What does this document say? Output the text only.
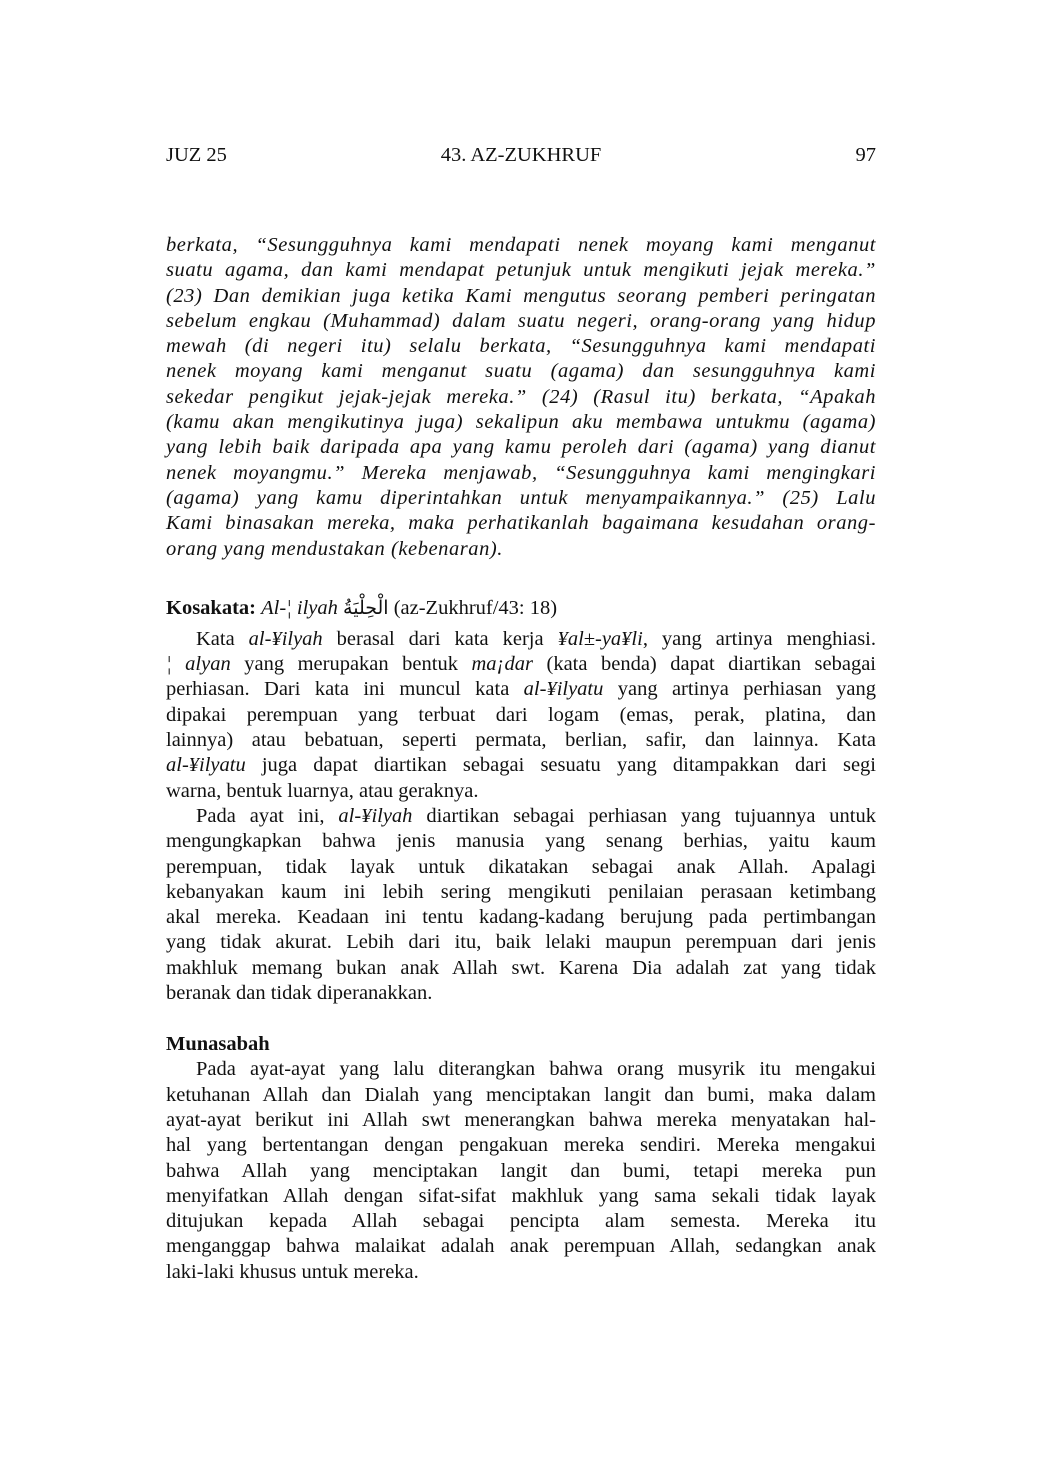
JUZ 25	43. AZ-ZUKHRUF	97

berkata, “Sesungguhnya kami mendapati nenek moyang kami menganut

suatu agama, dan kami mendapat petunjuk untuk mengikuti jejak mereka.”

(23) Dan demikian juga ketika Kami mengutus seorang pemberi peringatan

sebelum engkau (Muhammad) dalam suatu negeri, orang-orang yang hidup

mewah (di negeri itu) selalu berkata, “Sesungguhnya kami mendapati

nenek moyang kami menganut suatu (agama) dan sesungguhnya kami

sekedar pengikut jejak-jejak mereka.” (24) (Rasul itu) berkata, “Apakah

(kamu akan mengikutinya juga) sekalipun aku membawa untukmu (agama)

yang lebih baik daripada apa yang kamu peroleh dari (agama) yang dianut

nenek moyangmu.” Mereka menjawab, “Sesungguhnya kami mengingkari

(agama) yang kamu diperintahkan untuk menyampaikannya.” (25) Lalu

Kami binasakan mereka, maka perhatikanlah bagaimana kesudahan orang-

orang yang mendustakan (kebenaran).

Kosakata: Al-¦ ilyah الْحِلْيَةُ (az-Zukhruf/43: 18)

Kata al-¥ilyah berasal dari kata kerja ¥al±-ya¥li, yang artinya menghiasi.

¦ alyan yang merupakan bentuk ma¡dar (kata benda) dapat diartikan sebagai

perhiasan. Dari kata ini muncul kata al-¥ilyatu yang artinya perhiasan yang

dipakai perempuan yang terbuat dari logam (emas, perak, platina, dan

lainnya) atau bebatuan, seperti permata, berlian, safir, dan lainnya. Kata

al-¥ilyatu juga dapat diartikan sebagai sesuatu yang ditampakkan dari segi

warna, bentuk luarnya, atau geraknya.

Pada ayat ini, al-¥ilyah diartikan sebagai perhiasan yang tujuannya untuk

mengungkapkan bahwa jenis manusia yang senang berhias, yaitu kaum

perempuan, tidak layak untuk dikatakan sebagai anak Allah. Apalagi

kebanyakan kaum ini lebih sering mengikuti penilaian perasaan ketimbang

akal mereka. Keadaan ini tentu kadang-kadang berujung pada pertimbangan

yang tidak akurat. Lebih dari itu, baik lelaki maupun perempuan dari jenis

makhluk memang bukan anak Allah swt. Karena Dia adalah zat yang tidak

beranak dan tidak diperanakkan.

Munasabah

Pada ayat-ayat yang lalu diterangkan bahwa orang musyrik itu mengakui

ketuhanan Allah dan Dialah yang menciptakan langit dan bumi, maka dalam

ayat-ayat berikut ini Allah swt menerangkan bahwa mereka menyatakan hal-

hal yang bertentangan dengan pengakuan mereka sendiri. Mereka mengakui

bahwa Allah yang menciptakan langit dan bumi, tetapi mereka pun

menyifatkan Allah dengan sifat-sifat makhluk yang sama sekali tidak layak

ditujukan kepada Allah sebagai pencipta alam semesta. Mereka itu

menganggap bahwa malaikat adalah anak perempuan Allah, sedangkan anak

laki-laki khusus untuk mereka.
